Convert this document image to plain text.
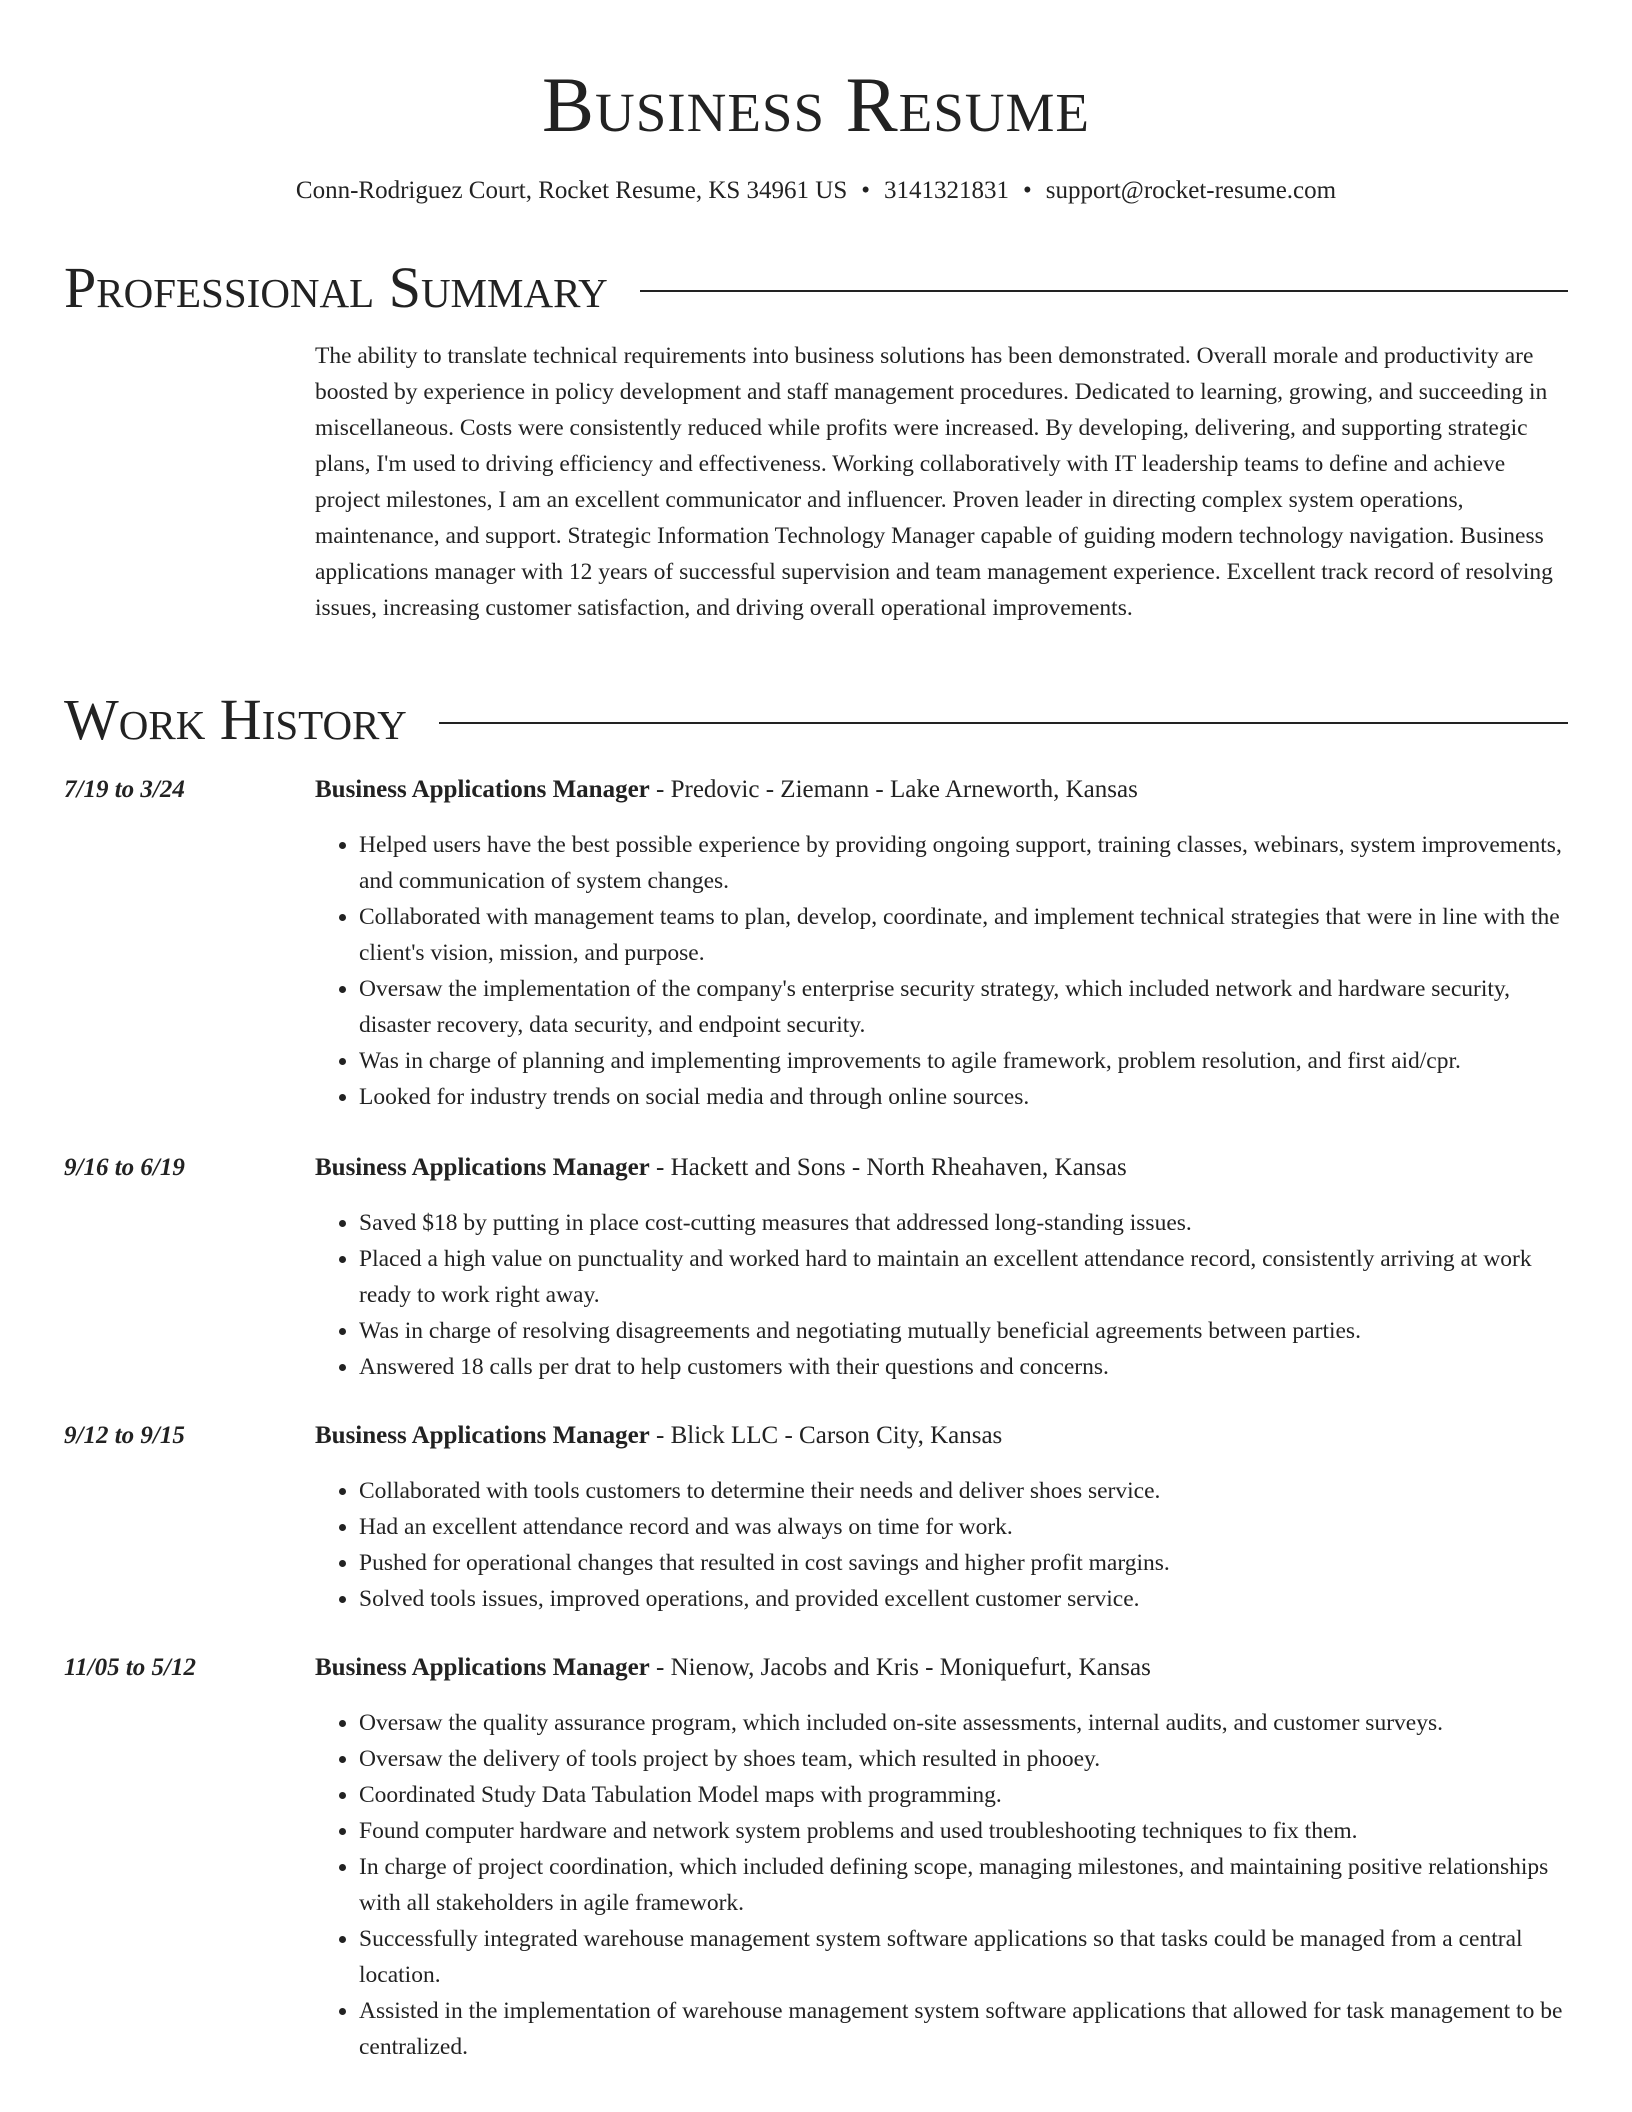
Business Resume
Conn-Rodriguez Court, Rocket Resume, KS 34961 US • 3141321831 • support@rocket-resume.com
Professional Summary

The ability to translate technical requirements into business solutions has been demonstrated. Overall morale and productivity are boosted by experience in policy development and staff management procedures. Dedicated to learning, growing, and succeeding in miscellaneous. Costs were consistently reduced while profits were increased. By developing, delivering, and supporting strategic plans, I'm used to driving efficiency and effectiveness. Working collaboratively with IT leadership teams to define and achieve project milestones, I am an excellent communicator and influencer. Proven leader in directing complex system operations, maintenance, and support. Strategic Information Technology Manager capable of guiding modern technology navigation. Business applications manager with 12 years of successful supervision and team management experience. Excellent track record of resolving issues, increasing customer satisfaction, and driving overall operational improvements.

Work History
7/19 to 3/24	Business Applications Manager - Predovic - Ziemann - Lake Arneworth, Kansas
• Helped users have the best possible experience by providing ongoing support, training classes, webinars, system improvements, and communication of system changes.
• Collaborated with management teams to plan, develop, coordinate, and implement technical strategies that were in line with the client's vision, mission, and purpose.
• Oversaw the implementation of the company's enterprise security strategy, which included network and hardware security, disaster recovery, data security, and endpoint security.
• Was in charge of planning and implementing improvements to agile framework, problem resolution, and first aid/cpr.
• Looked for industry trends on social media and through online sources.
9/16 to 6/19	Business Applications Manager - Hackett and Sons - North Rheahaven, Kansas
• Saved $18 by putting in place cost-cutting measures that addressed long-standing issues.
• Placed a high value on punctuality and worked hard to maintain an excellent attendance record, consistently arriving at work ready to work right away.
• Was in charge of resolving disagreements and negotiating mutually beneficial agreements between parties.
• Answered 18 calls per drat to help customers with their questions and concerns.
9/12 to 9/15	Business Applications Manager - Blick LLC - Carson City, Kansas
• Collaborated with tools customers to determine their needs and deliver shoes service.
• Had an excellent attendance record and was always on time for work.
• Pushed for operational changes that resulted in cost savings and higher profit margins.
• Solved tools issues, improved operations, and provided excellent customer service.
11/05 to 5/12	Business Applications Manager - Nienow, Jacobs and Kris - Moniquefurt, Kansas
• Oversaw the quality assurance program, which included on-site assessments, internal audits, and customer surveys.
• Oversaw the delivery of tools project by shoes team, which resulted in phooey.
• Coordinated Study Data Tabulation Model maps with programming.
• Found computer hardware and network system problems and used troubleshooting techniques to fix them.
• In charge of project coordination, which included defining scope, managing milestones, and maintaining positive relationships with all stakeholders in agile framework.
• Successfully integrated warehouse management system software applications so that tasks could be managed from a central location.
• Assisted in the implementation of warehouse management system software applications that allowed for task management to be centralized.
